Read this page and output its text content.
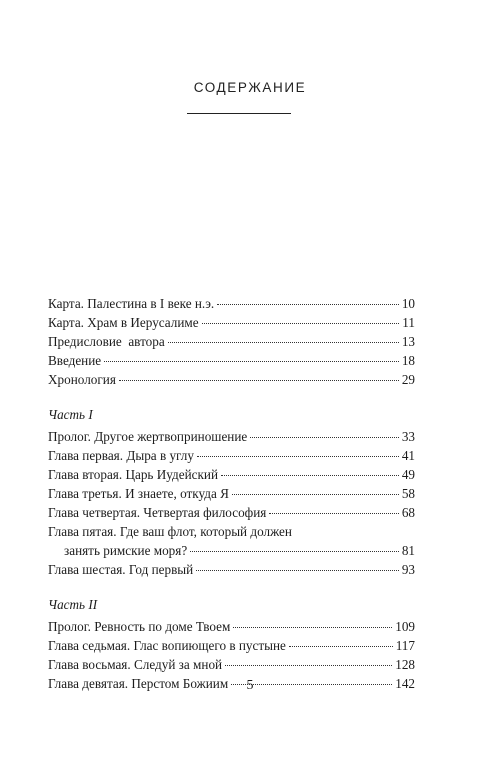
СОДЕРЖАНИЕ
Карта. Палестина в I веке н.э.	10
Карта. Храм в Иерусалиме	11
Предисловие  автора	13
Введение	18
Хронология	29
Часть I
Пролог. Другое жертвоприношение	33
Глава первая. Дыра в углу	41
Глава вторая. Царь Иудейский	49
Глава третья. И знаете, откуда Я	58
Глава четвертая. Четвертая философия	68
Глава пятая. Где ваш флот, который должен
занять римские моря?	81
Глава шестая. Год первый	93
Часть II
Пролог. Ревность по доме Твоем	109
Глава седьмая. Глас вопиющего в пустыне	117
Глава восьмая. Следуй за мной	128
Глава девятая. Перстом Божиим	142
5
